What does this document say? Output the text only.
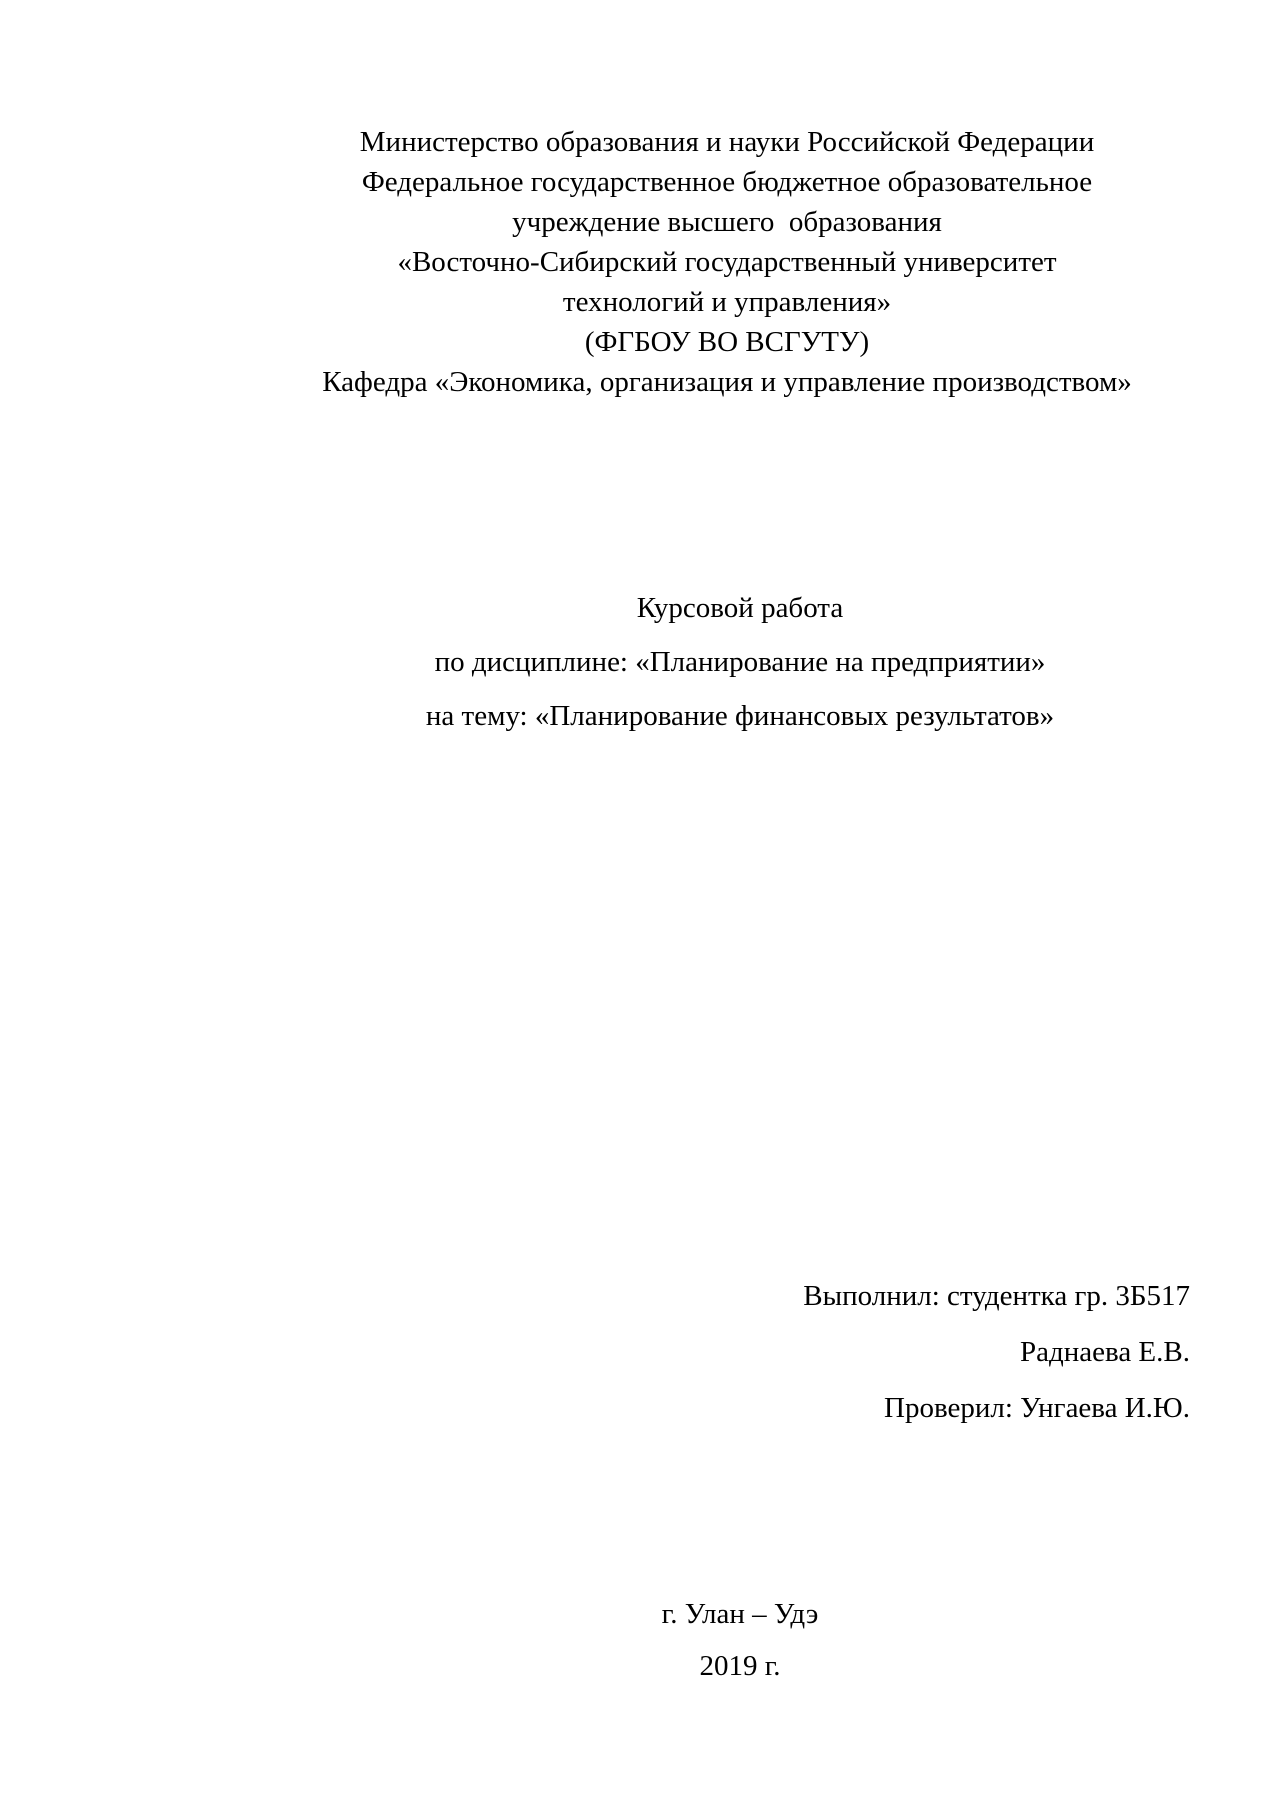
Министерство образования и науки Российской Федерации
Федеральное государственное бюджетное образовательное
учреждение высшего  образования
«Восточно-Сибирский государственный университет
технологий и управления»
(ФГБОУ ВО ВСГУТУ)
Кафедра «Экономика, организация и управление производством»
Курсовой работа
по дисциплине: «Планирование на предприятии»
на тему: «Планирование финансовых результатов»
Выполнил: студентка гр. 3Б517
Раднаева Е.В.
Проверил: Унгаева И.Ю.
г. Улан – Удэ
2019 г.
